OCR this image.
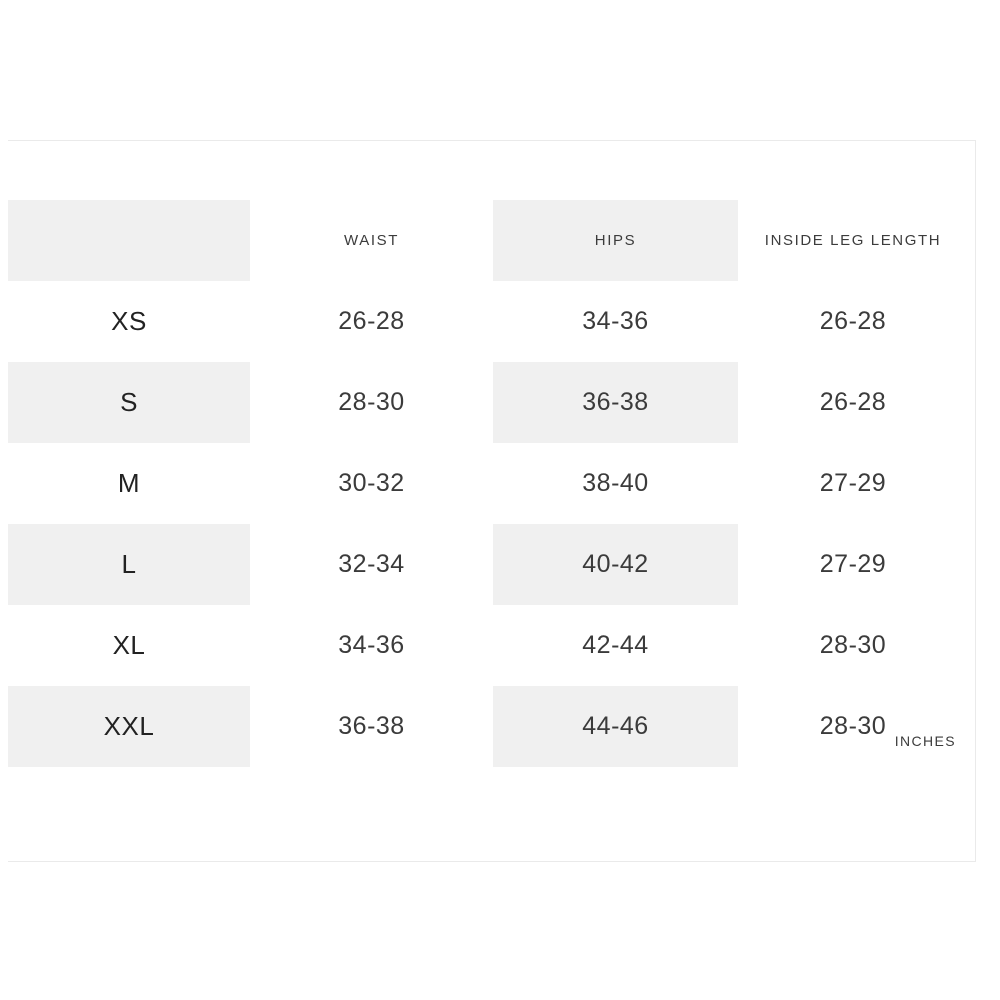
	WAIST	HIPS	INSIDE LEG LENGTH
XS	26-28	34-36	26-28
S	28-30	36-38	26-28
M	30-32	38-40	27-29
L	32-34	40-42	27-29
XL	34-36	42-44	28-30
XXL	36-38	44-46	28-30
INCHES
